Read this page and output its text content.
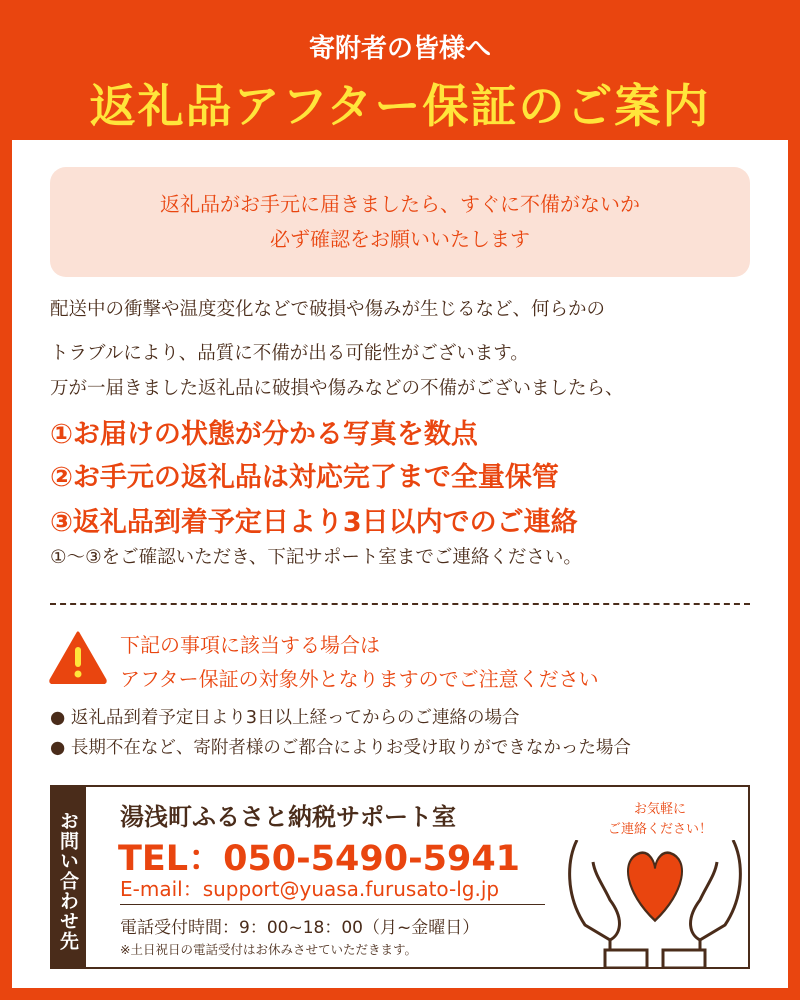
寄附者の皆様へ
返礼品アフター保証のご案内
返礼品がお手元に届きましたら、すぐに不備がないか
必ず確認をお願いいたします
配送中の衝撃や温度変化などで破損や傷みが生じるなど、何らかの
トラブルにより、品質に不備が出る可能性がございます。
万が一届きました返礼品に破損や傷みなどの不備がございましたら、
①お届けの状態が分かる写真を数点
②お手元の返礼品は対応完了まで全量保管
③返礼品到着予定日より3日以内でのご連絡
①〜③をご確認いただき、下記サポート室までご連絡ください。
下記の事項に該当する場合は
アフター保証の対象外となりますのでご注意ください
● 返礼品到着予定日より3日以上経ってからのご連絡の場合
● 長期不在など、寄附者様のご都合によりお受け取りができなかった場合
お問い合わせ先 湯浅町ふるさと納税サポート室
TEL：050-5490-5941
E-mail：support@yuasa.furusato-lg.jp
電話受付時間：9：00~18：00（月~金曜日）
※土日祝日の電話受付はお休みさせていただきます。
お気軽に
ご連絡ください！
